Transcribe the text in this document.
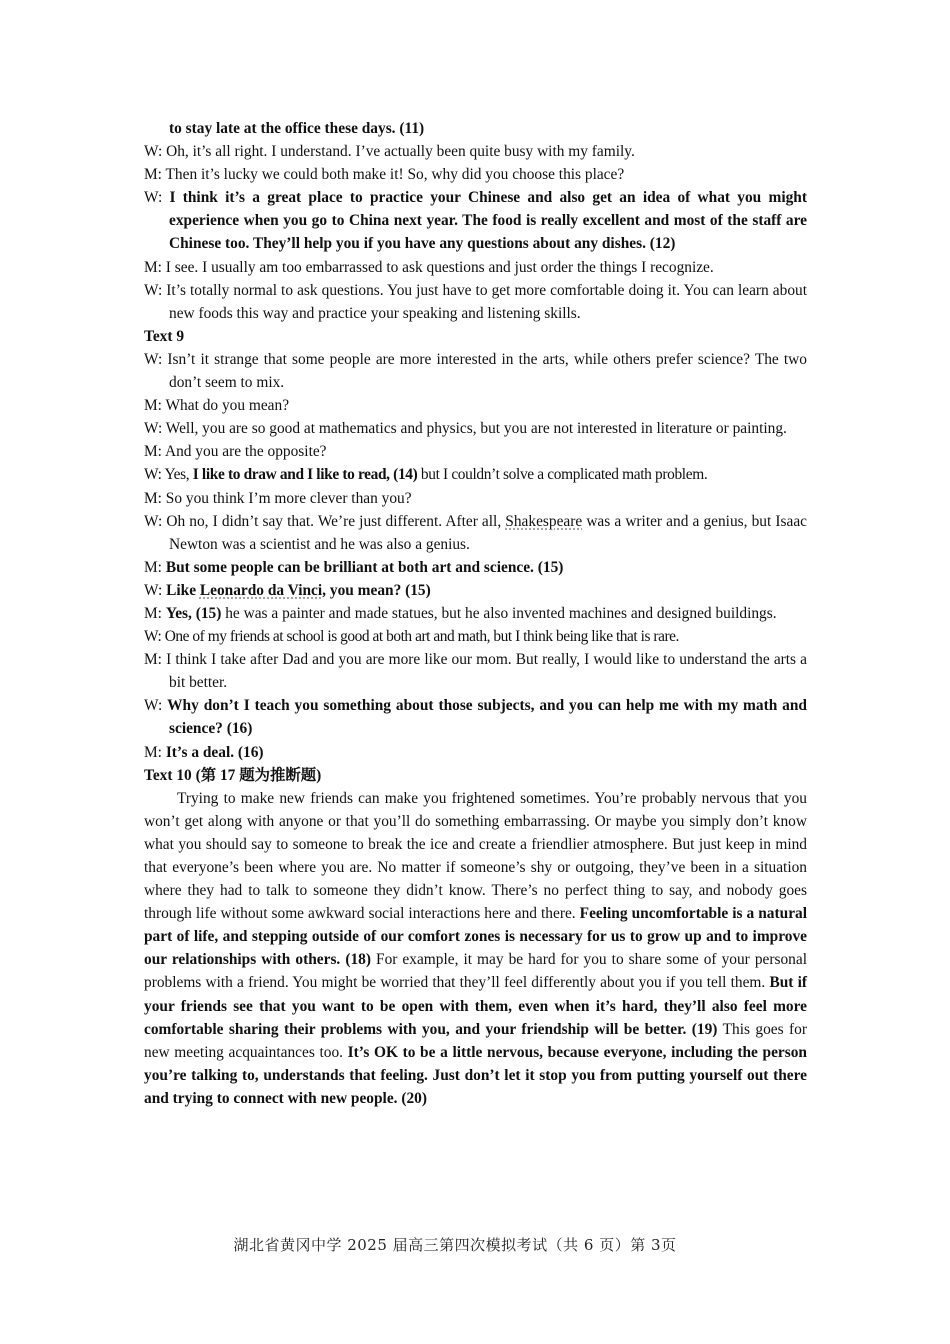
to stay late at the office these days. (11)
W: Oh, it’s all right. I understand. I’ve actually been quite busy with my family.
M: Then it’s lucky we could both make it! So, why did you choose this place?
W: I think it’s a great place to practice your Chinese and also get an idea of what you might experience when you go to China next year. The food is really excellent and most of the staff are Chinese too. They’ll help you if you have any questions about any dishes. (12)
M: I see. I usually am too embarrassed to ask questions and just order the things I recognize.
W: It’s totally normal to ask questions. You just have to get more comfortable doing it. You can learn about new foods this way and practice your speaking and listening skills.
Text 9
W: Isn’t it strange that some people are more interested in the arts, while others prefer science? The two don’t seem to mix.
M: What do you mean?
W: Well, you are so good at mathematics and physics, but you are not interested in literature or painting.
M: And you are the opposite?
W: Yes, I like to draw and I like to read, (14) but I couldn’t solve a complicated math problem.
M: So you think I’m more clever than you?
W: Oh no, I didn’t say that. We’re just different. After all, Shakespeare was a writer and a genius, but Isaac Newton was a scientist and he was also a genius.
M: But some people can be brilliant at both art and science. (15)
W: Like Leonardo da Vinci, you mean? (15)
M: Yes, (15) he was a painter and made statues, but he also invented machines and designed buildings.
W: One of my friends at school is good at both art and math, but I think being like that is rare.
M: I think I take after Dad and you are more like our mom. But really, I would like to understand the arts a bit better.
W: Why don’t I teach you something about those subjects, and you can help me with my math and science? (16)
M: It’s a deal. (16)
Text 10 (第 17 题为推断题)
Trying to make new friends can make you frightened sometimes. You’re probably nervous that you won’t get along with anyone or that you’ll do something embarrassing. Or maybe you simply don’t know what you should say to someone to break the ice and create a friendlier atmosphere. But just keep in mind that everyone’s been where you are. No matter if someone’s shy or outgoing, they’ve been in a situation where they had to talk to someone they didn’t know. There’s no perfect thing to say, and nobody goes through life without some awkward social interactions here and there. Feeling uncomfortable is a natural part of life, and stepping outside of our comfort zones is necessary for us to grow up and to improve our relationships with others. (18) For example, it may be hard for you to share some of your personal problems with a friend. You might be worried that they’ll feel differently about you if you tell them. But if your friends see that you want to be open with them, even when it’s hard, they’ll also feel more comfortable sharing their problems with you, and your friendship will be better. (19) This goes for new meeting acquaintances too. It’s OK to be a little nervous, because everyone, including the person you’re talking to, understands that feeling. Just don’t let it stop you from putting yourself out there and trying to connect with new people. (20)
湖北省黄冈中学 2025 届高三第四次模拟考试（共 6 页）第 3页
